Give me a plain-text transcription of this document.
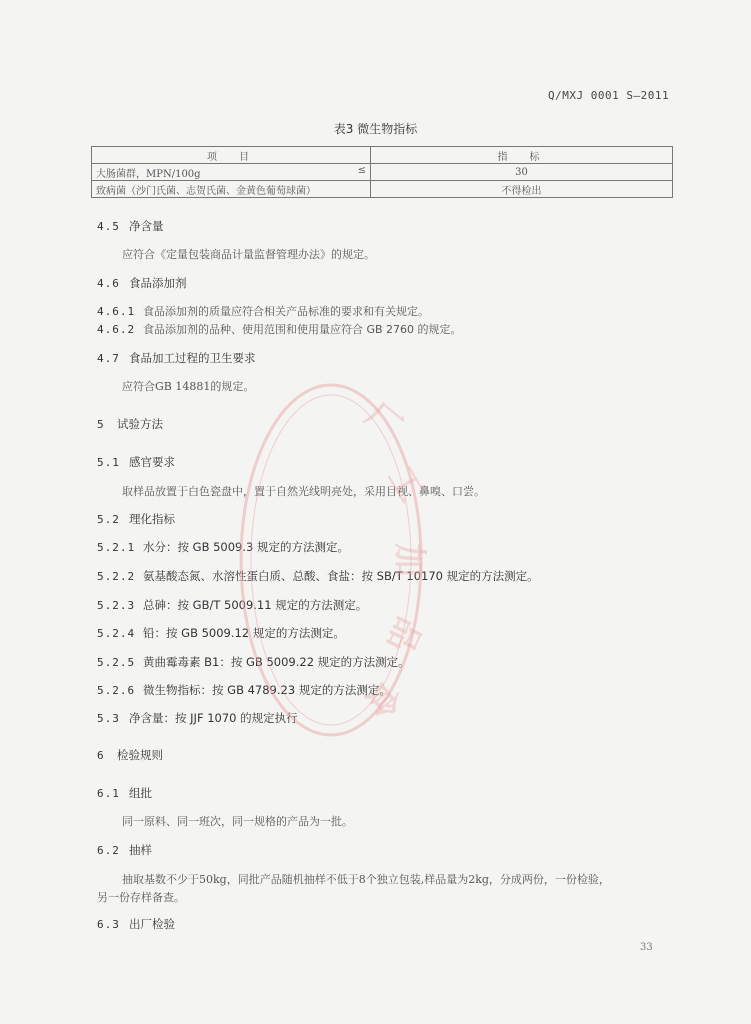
Q/MXJ 0001 S—2011
表3 微生物指标
项　目	指　标
大肠菌群，MPN/100g ≤	30
致病菌（沙门氏菌、志贺氏菌、金黄色葡萄球菌）	不得检出
4.5 净含量
应符合《定量包装商品计量监督管理办法》的规定。
4.6 食品添加剂
4.6.1 食品添加剂的质量应符合相关产品标准的要求和有关规定。
4.6.2 食品添加剂的品种、使用范围和使用量应符合 GB 2760 的规定。
4.7 食品加工过程的卫生要求
应符合GB 14881的规定。
5 试验方法
5.1 感官要求
取样品放置于白色瓷盘中，置于自然光线明亮处，采用目视、鼻嗅、口尝。
5.2 理化指标
5.2.1 水分：按 GB 5009.3 规定的方法测定。
5.2.2 氨基酸态氮、水溶性蛋白质、总酸、食盐：按 SB/T 10170 规定的方法测定。
5.2.3 总砷：按 GB/T 5009.11 规定的方法测定。
5.2.4 铅：按 GB 5009.12 规定的方法测定。
5.2.5 黄曲霉毒素 B1：按 GB 5009.22 规定的方法测定。
5.2.6 微生物指标：按 GB 4789.23 规定的方法测定。
5.3 净含量：按 JJF 1070 的规定执行
6 检验规则
6.1 组批
同一原料、同一班次，同一规格的产品为一批。
6.2 抽样
抽取基数不少于50kg，同批产品随机抽样不低于8个独立包装,样品量为2kg，分成两份，一份检验，
另一份存样备查。
6.3 出厂检验
33
厂
工
加
品
食
